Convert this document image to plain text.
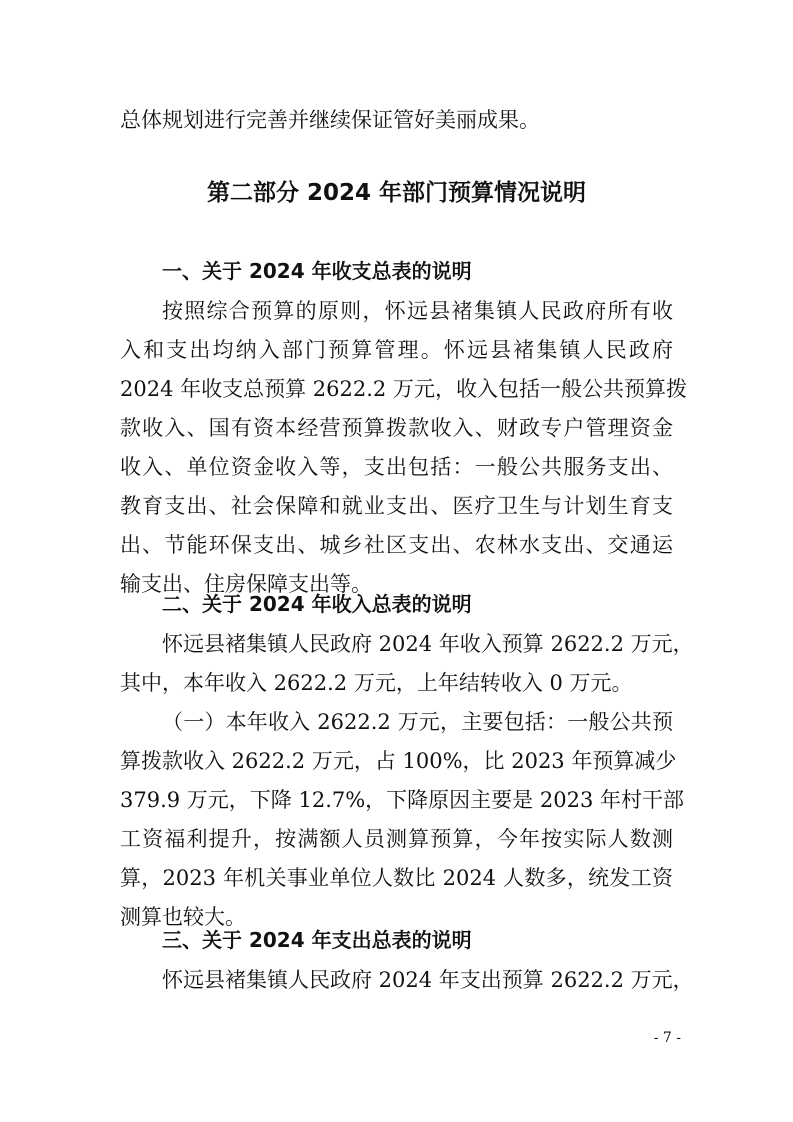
总体规划进行完善并继续保证管好美丽成果。
第二部分 2024 年部门预算情况说明
一、关于 2024 年收支总表的说明
按照综合预算的原则，怀远县褚集镇人民政府所有收
入和支出均纳入部门预算管理。怀远县褚集镇人民政府
2024 年收支总预算 2622.2 万元，收入包括一般公共预算拨
款收入、国有资本经营预算拨款收入、财政专户管理资金
收入、单位资金收入等，支出包括：一般公共服务支出、
教育支出、社会保障和就业支出、医疗卫生与计划生育支
出、节能环保支出、城乡社区支出、农林水支出、交通运
输支出、住房保障支出等。
二、关于 2024 年收入总表的说明
怀远县褚集镇人民政府 2024 年收入预算 2622.2 万元，
其中，本年收入 2622.2 万元，上年结转收入 0 万元。
（一）本年收入 2622.2 万元，主要包括：一般公共预
算拨款收入 2622.2 万元，占 100%，比 2023 年预算减少
379.9 万元，下降 12.7%，下降原因主要是 2023 年村干部
工资福利提升，按满额人员测算预算，今年按实际人数测
算，2023 年机关事业单位人数比 2024 人数多，统发工资
测算也较大。
三、关于 2024 年支出总表的说明
怀远县褚集镇人民政府 2024 年支出预算 2622.2 万元，
- 7 -
